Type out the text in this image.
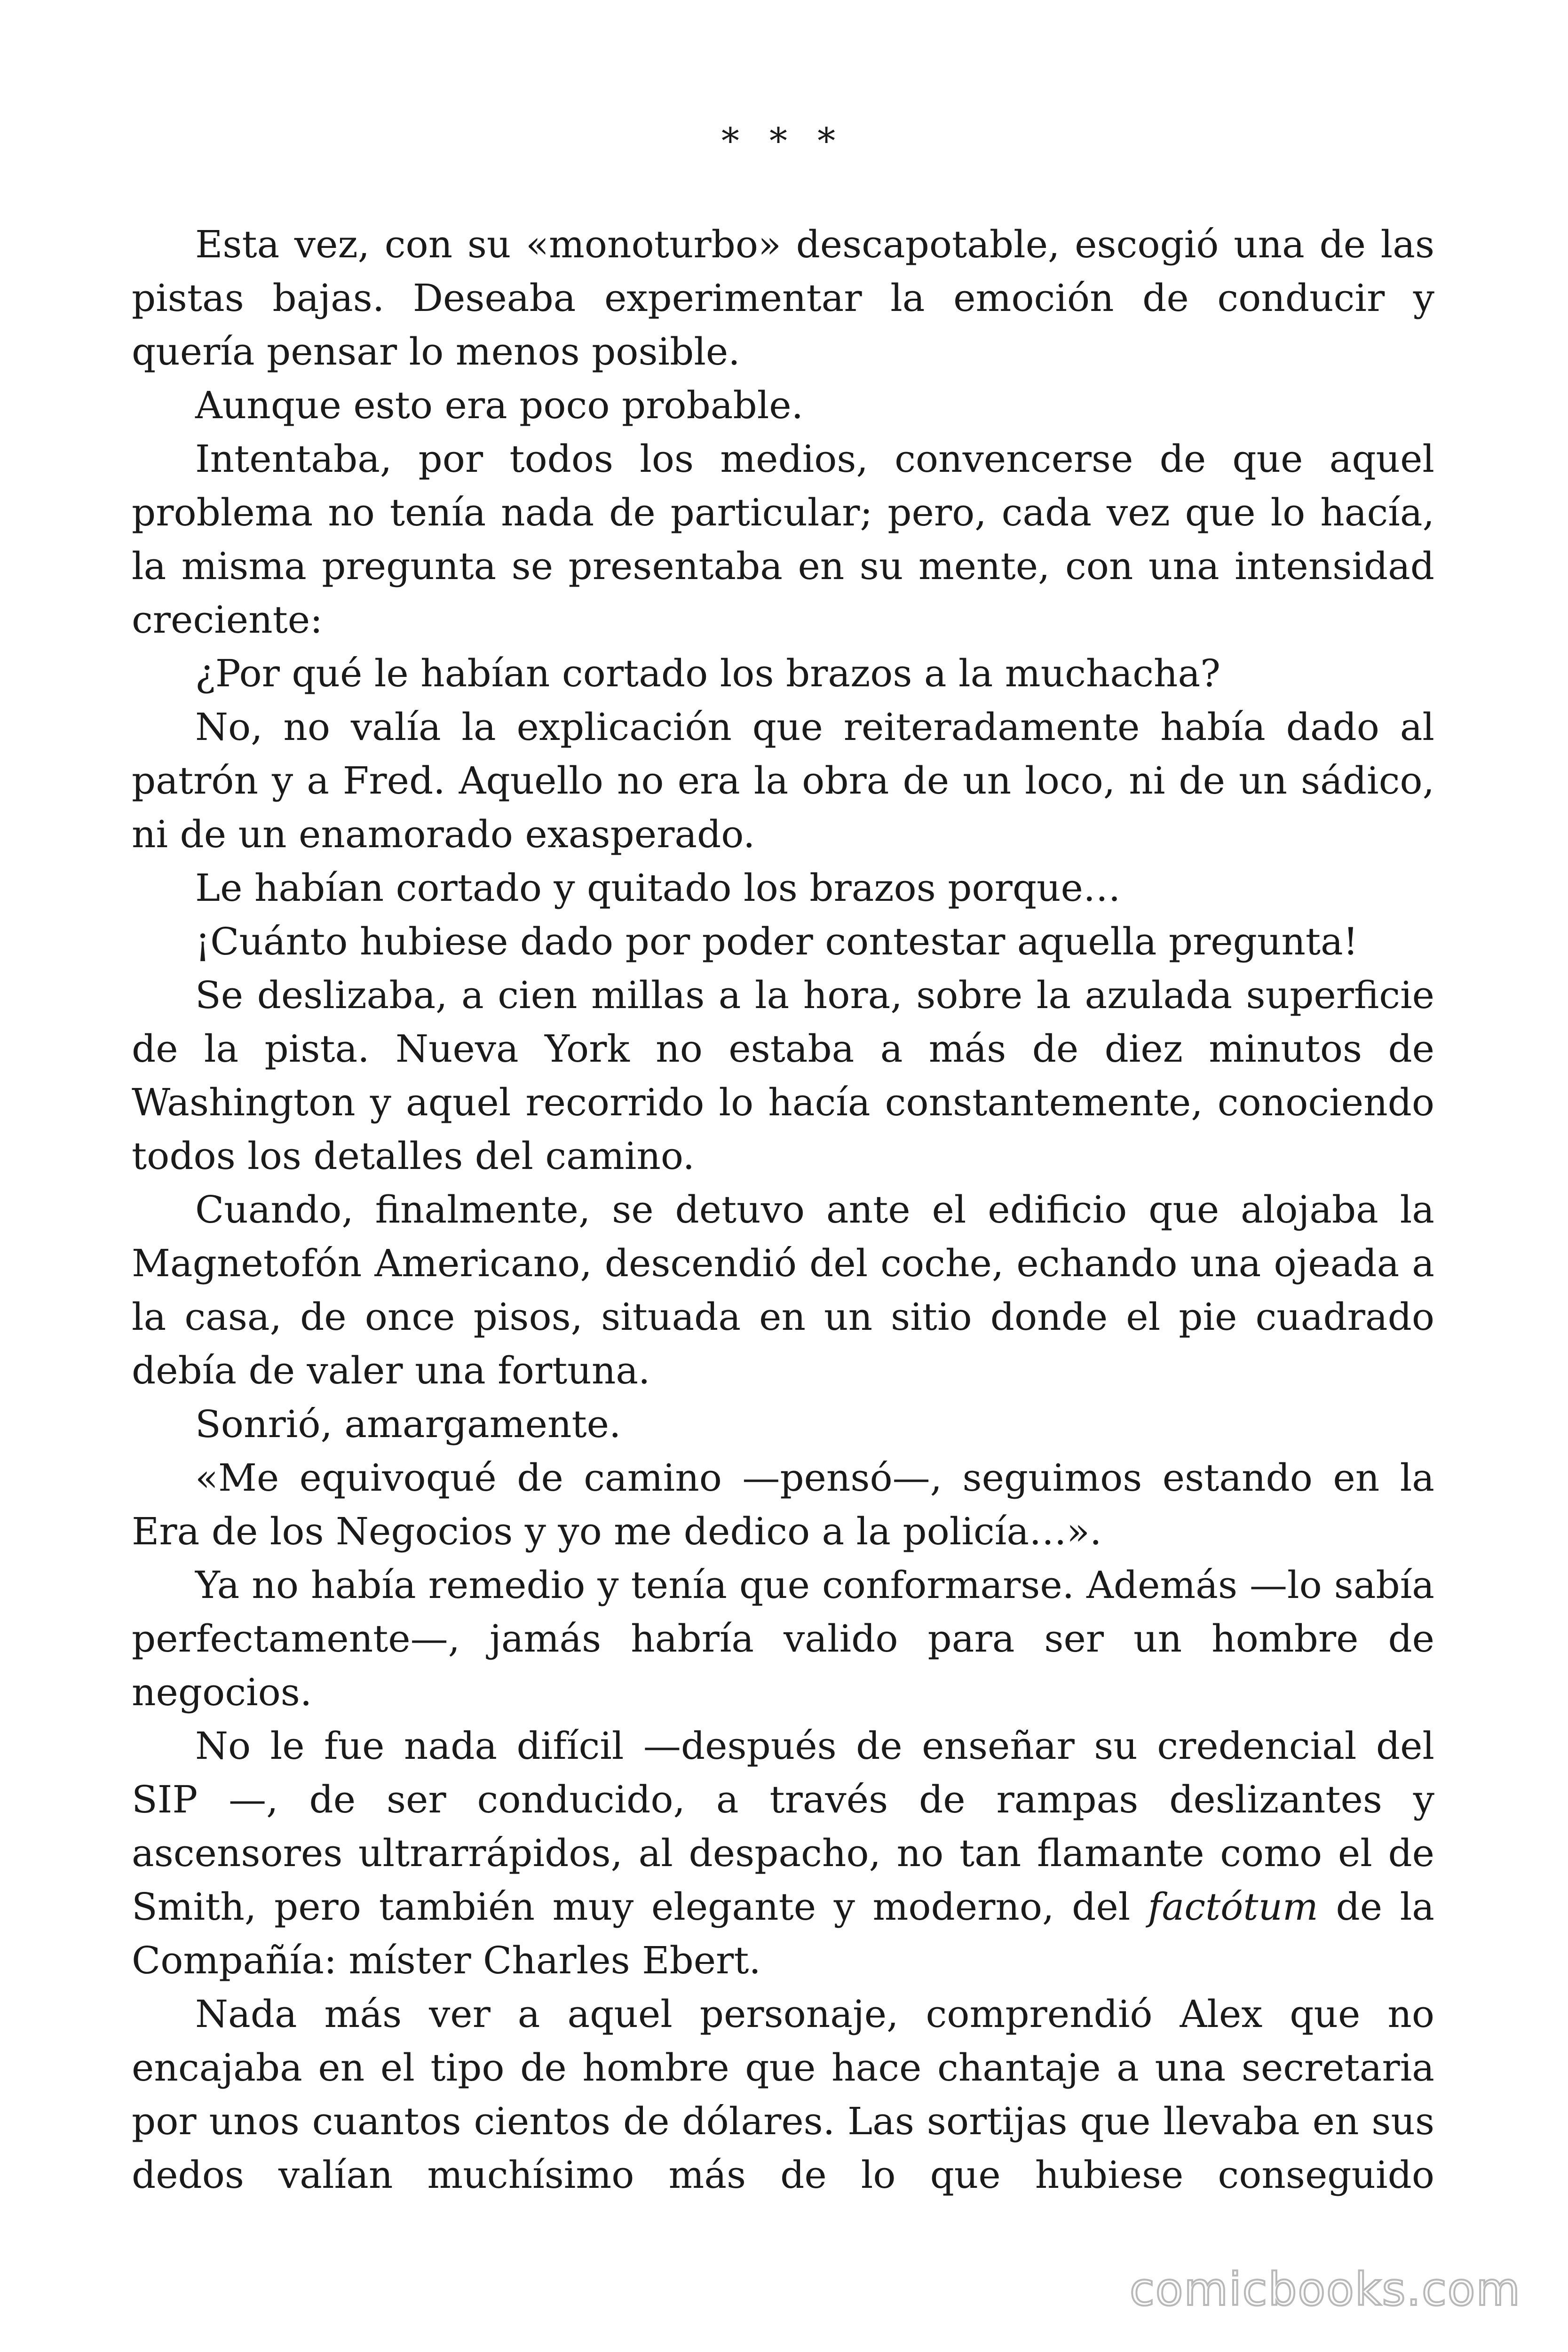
* * *

Esta vez, con su «monoturbo» descapotable, escogió una de las pistas bajas. Deseaba experimentar la emoción de conducir y quería pensar lo menos posible.

Aunque esto era poco probable.

Intentaba, por todos los medios, convencerse de que aquel problema no tenía nada de particular; pero, cada vez que lo hacía, la misma pregunta se presentaba en su mente, con una intensidad creciente:

¿Por qué le habían cortado los brazos a la muchacha?

No, no valía la explicación que reiteradamente había dado al patrón y a Fred. Aquello no era la obra de un loco, ni de un sádico, ni de un enamorado exasperado.

Le habían cortado y quitado los brazos porque…

¡Cuánto hubiese dado por poder contestar aquella pregunta!

Se deslizaba, a cien millas a la hora, sobre la azulada superficie de la pista. Nueva York no estaba a más de diez minutos de Washington y aquel recorrido lo hacía constantemente, conociendo todos los detalles del camino.

Cuando, finalmente, se detuvo ante el edificio que alojaba la Magnetofón Americano, descendió del coche, echando una ojeada a la casa, de once pisos, situada en un sitio donde el pie cuadrado debía de valer una fortuna.

Sonrió, amargamente.

«Me equivoqué de camino —pensó—, seguimos estando en la Era de los Negocios y yo me dedico a la policía…».

Ya no había remedio y tenía que conformarse. Además —lo sabía perfectamente—, jamás habría valido para ser un hombre de negocios.

No le fue nada difícil —después de enseñar su credencial del SIP —, de ser conducido, a través de rampas deslizantes y ascensores ultrarrápidos, al despacho, no tan flamante como el de Smith, pero también muy elegante y moderno, del factótum de la Compañía: míster Charles Ebert.

Nada más ver a aquel personaje, comprendió Alex que no encajaba en el tipo de hombre que hace chantaje a una secretaria por unos cuantos cientos de dólares. Las sortijas que llevaba en sus dedos valían muchísimo más de lo que hubiese conseguido

comicbooks.com
